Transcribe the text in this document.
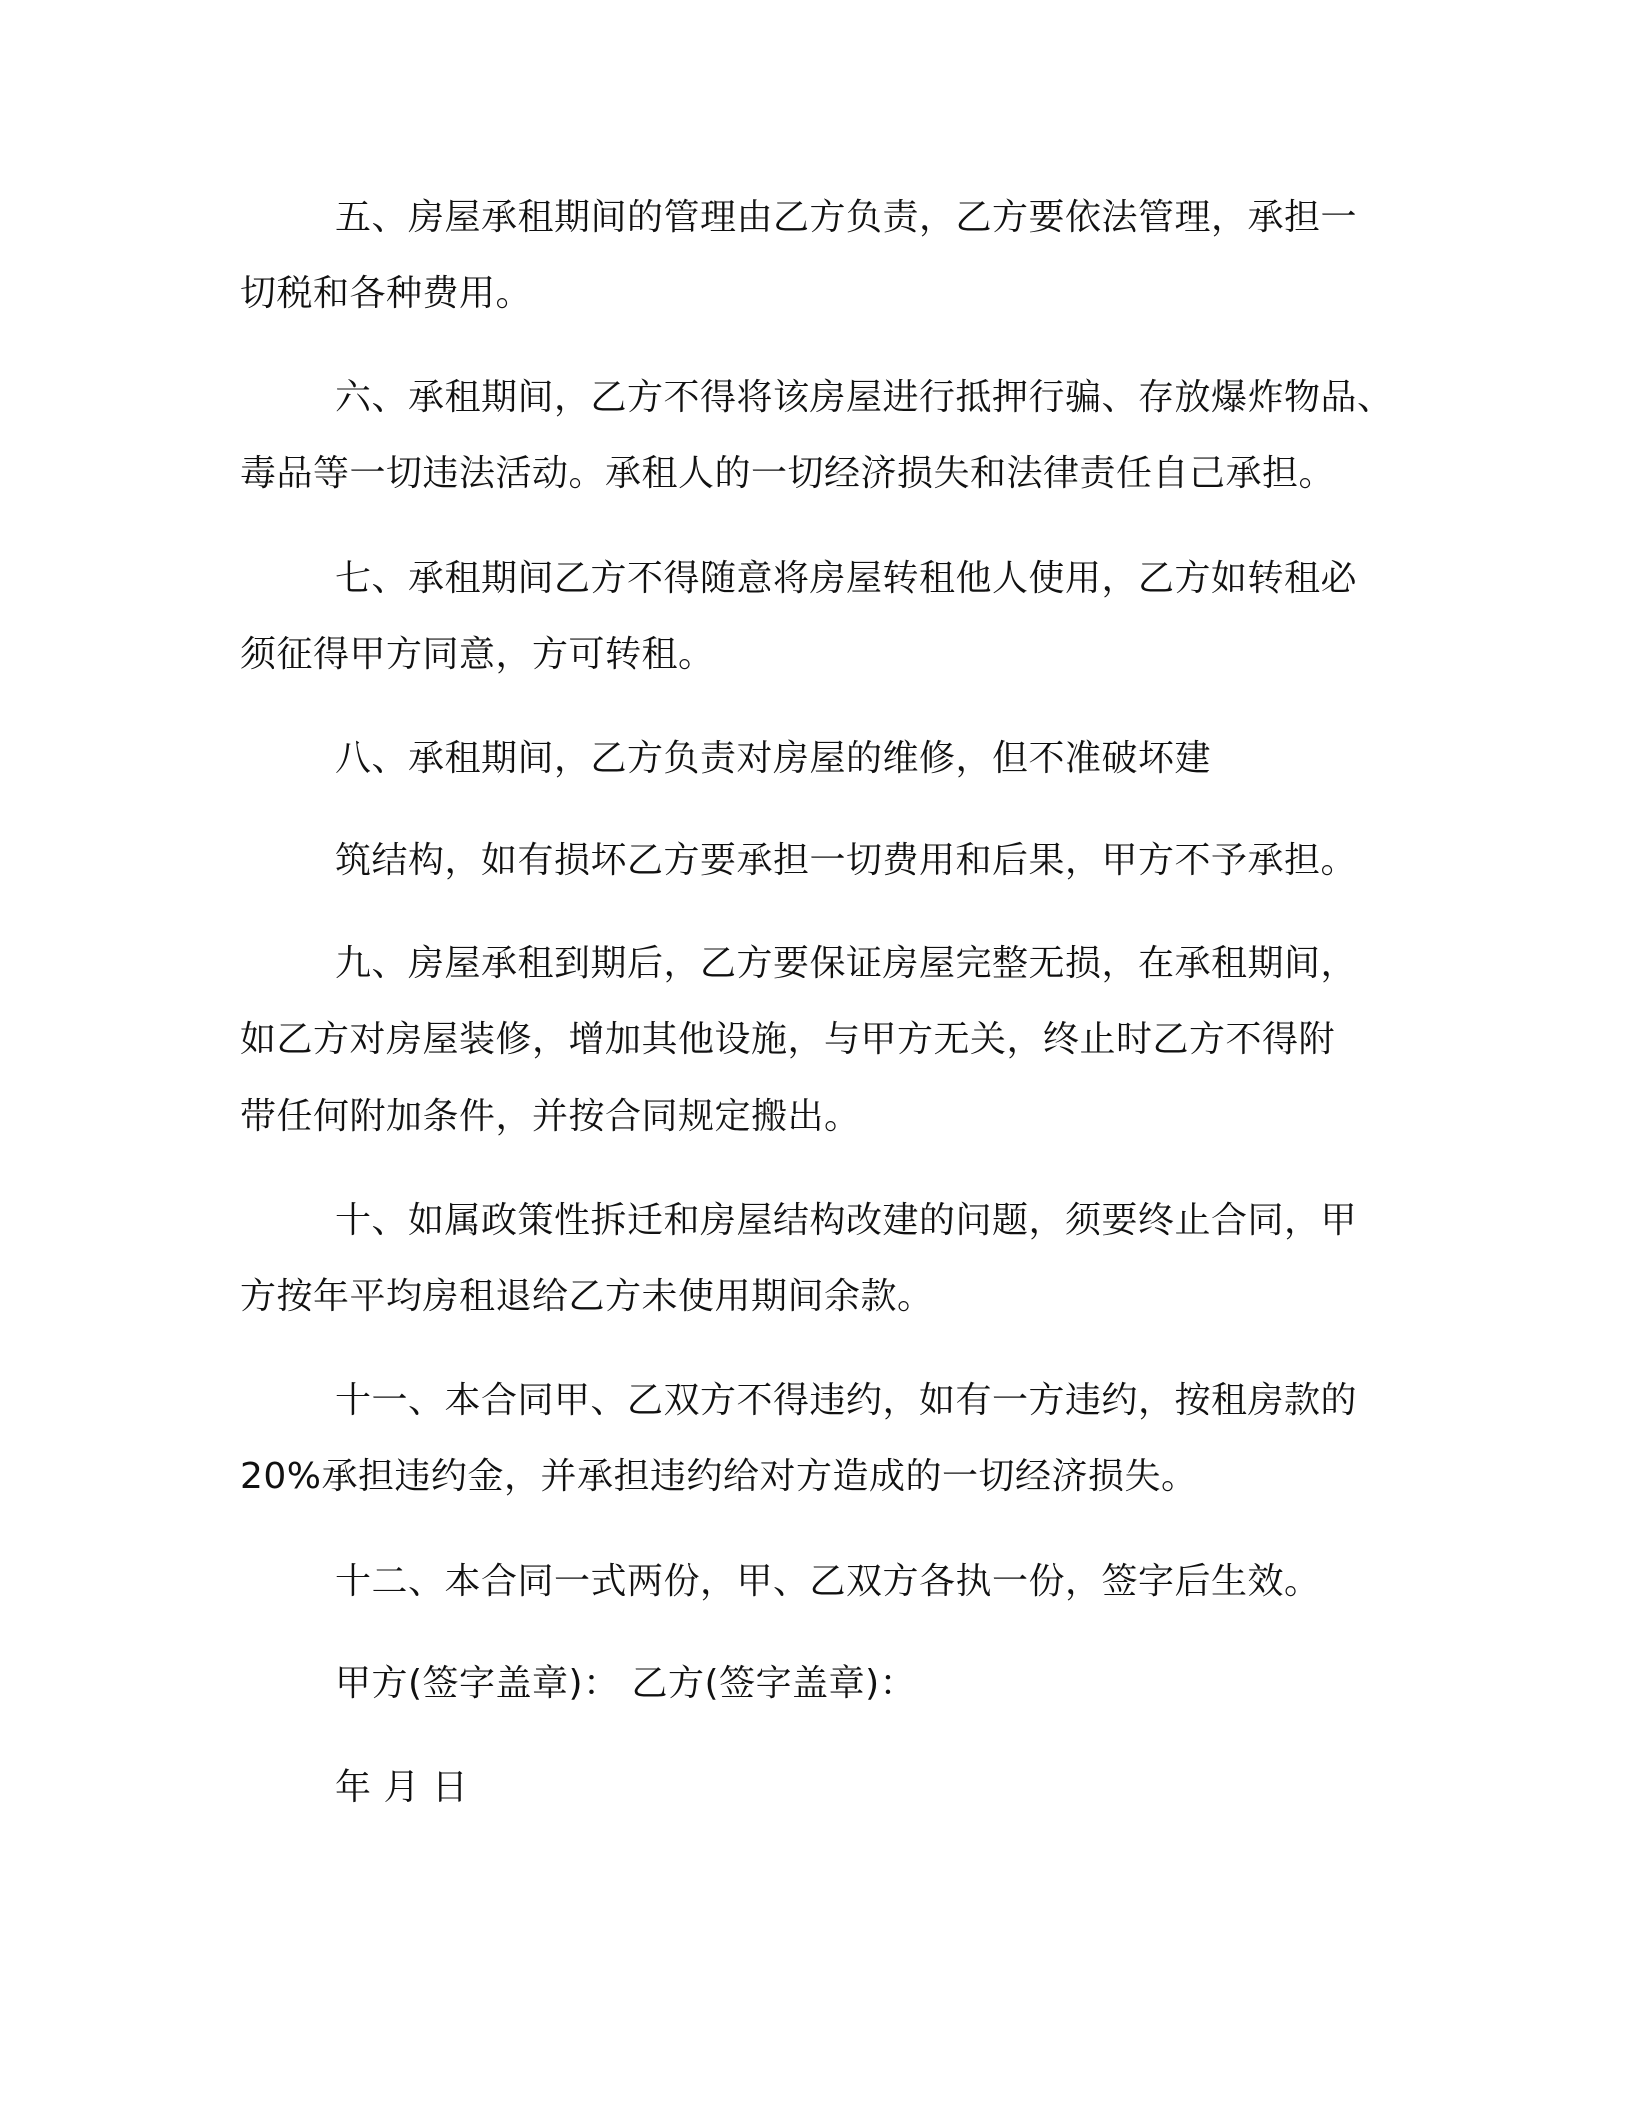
五、房屋承租期间的管理由乙方负责，乙方要依法管理，承担一
切税和各种费用。
六、承租期间，乙方不得将该房屋进行抵押行骗、存放爆炸物品、
毒品等一切违法活动。承租人的一切经济损失和法律责任自己承担。
七、承租期间乙方不得随意将房屋转租他人使用，乙方如转租必
须征得甲方同意，方可转租。
八、承租期间，乙方负责对房屋的维修，但不准破坏建
筑结构，如有损坏乙方要承担一切费用和后果，甲方不予承担。
九、房屋承租到期后，乙方要保证房屋完整无损，在承租期间，
如乙方对房屋装修，增加其他设施，与甲方无关，终止时乙方不得附
带任何附加条件，并按合同规定搬出。
十、如属政策性拆迁和房屋结构改建的问题，须要终止合同，甲
方按年平均房租退给乙方未使用期间余款。
十一、本合同甲、乙双方不得违约，如有一方违约，按租房款的
20%承担违约金，并承担违约给对方造成的一切经济损失。
十二、本合同一式两份，甲、乙双方各执一份，签字后生效。
甲方(签字盖章)： 乙方(签字盖章)：
年 月 日
